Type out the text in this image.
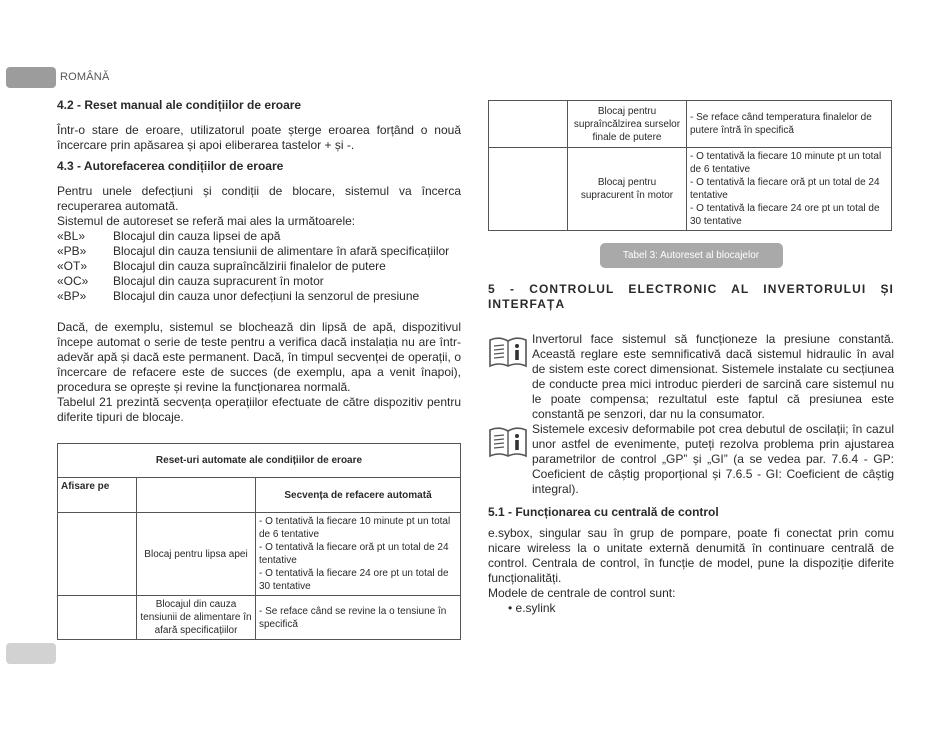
ROMÂNĂ
4.2 - Reset manual ale condițiilor de eroare

Într-o stare de eroare, utilizatorul poate șterge eroarea forțând o nouă încercare prin apăsarea și apoi eliberarea tastelor + și -.

4.3 - Autorefacerea condițiilor de eroare

Pentru unele defecțiuni și condiții de blocare, sistemul va încerca recuperarea automată.

Sistemul de autoreset se referă mai ales la următoarele:

«BL»	Blocajul din cauza lipsei de apă
«PB»	Blocajul din cauza tensiunii de alimentare în afară specificațiilor
«OT»	Blocajul din cauza supraîncălzirii finalelor de putere
«OC»	Blocajul din cauza supracurent în motor
«BP»	Blocajul din cauza unor defecțiuni la senzorul de presiune

Dacă, de exemplu, sistemul se blochează din lipsă de apă, dispozitivul începe automat o serie de teste pentru a verifica dacă instalația nu are într-adevăr apă și dacă este permanent. Dacă, în timpul secvenței de operații, o încercare de refacere este de succes (de exemplu, apa a venit înapoi), procedura se oprește și revine la funcționarea normală.

Tabelul 21 prezintă secvența operațiilor efectuate de către dispozitiv pentru diferite tipuri de blocaje.

Reset-uri automate ale condițiilor de eroare		
Afisare pe		Secvența de refacere automată
	Blocaj pentru lipsa apei	- O tentativă la fiecare 10 minute pt un total de 6 tentative
- O tentativă la fiecare oră pt un total de 24 tentative
- O tentativă la fiecare 24 ore pt un total de 30 tentative
	Blocajul din cauza tensiunii de alimentare în afară specificațiilor	- Se reface când se revine la o tensiune în specifică
	Blocaj pentru supraîncălzirea surselor finale de putere	- Se reface când temperatura finalelor de putere întră în specifică
	Blocaj pentru supracurent în motor	- O tentativă la fiecare 10 minute pt un total de 6 tentative
- O tentativă la fiecare oră pt un total de 24 tentative
- O tentativă la fiecare 24 ore pt un total de 30 tentative
Tabel 3: Autoreset al blocajelor

5 - CONTROLUL ELECTRONIC AL INVERTORULUI ȘI INTERFAȚA

Invertorul face sistemul să funcționeze la presiune constantă. Această reglare este semnificativă dacă sistemul hidraulic în aval de sistem este corect dimensionat. Sistemele instalate cu secțiunea de conducte prea mici introduc pierderi de sarcină care sistemul nu le poate compensa; rezultatul este faptul că presiunea este constantă pe senzori, dar nu la consumator.

Sistemele excesiv deformabile pot crea debutul de oscilații; în cazul unor astfel de evenimente, puteți rezolva problema prin ajustarea parametrilor de control „GP” și „GI” (a se vedea par. 7.6.4 - GP: Coeficient de câștig proporțional și 7.6.5 - GI: Coeficient de câștig integral).

5.1 - Funcționarea cu centrală de control

e.sybox, singular sau în grup de pompare, poate fi conectat prin comu nicare wireless la o unitate externă denumită în continuare centrală de control. Centrala de control, în funcție de model, pune la dispoziție diferite funcționalități.

Modele de centrale de control sunt:

• e.sylink
